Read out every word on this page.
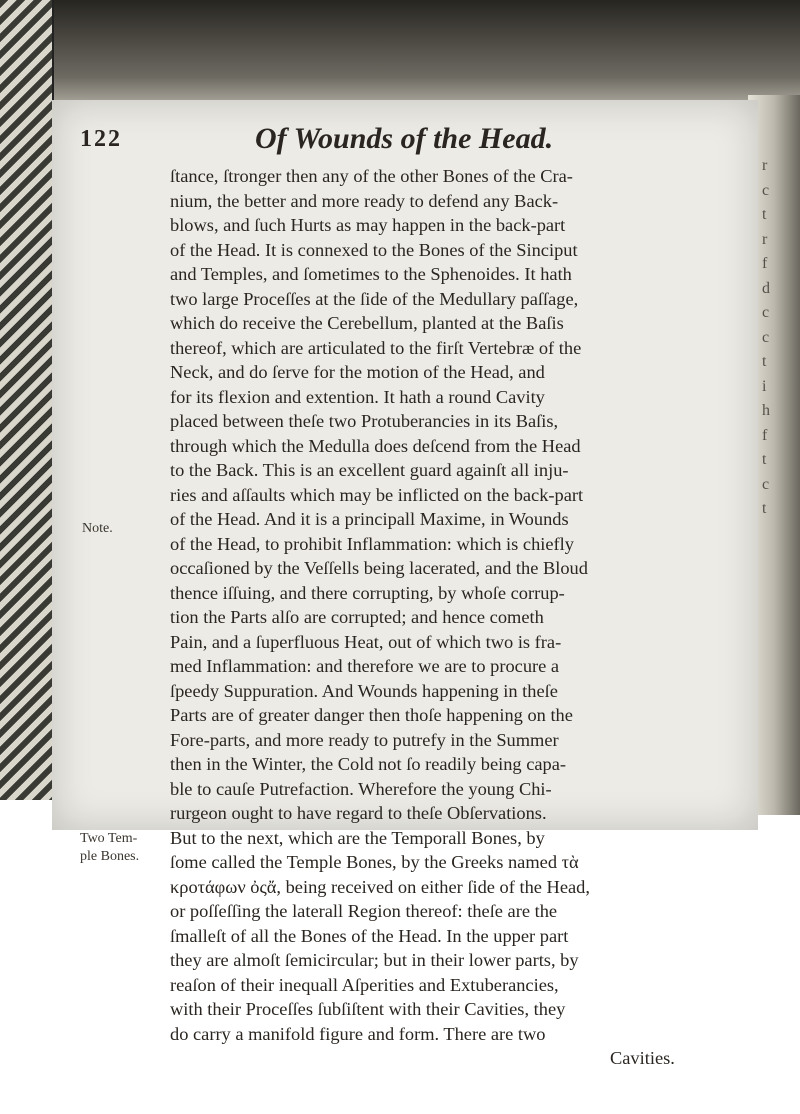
r
c
t
r
f
d
c
c
t
i
h
f
t
c
t
122	Of Wounds of the Head.
Note.
Two Tem-
ple Bones.
ſtance, ſtronger then any of the other Bones of the Cra-
nium, the better and more ready to defend any Back-
blows, and ſuch Hurts as may happen in the back-part
of the Head. It is connexed to the Bones of the Sinciput
and Temples, and ſometimes to the Sphenoides. It hath
two large Proceſſes at the ſide of the Medullary paſſage,
which do receive the Cerebellum, planted at the Baſis
thereof, which are articulated to the firſt Vertebræ of the
Neck, and do ſerve for the motion of the Head, and
for its flexion and extention. It hath a round Cavity
placed between theſe two Protuberancies in its Baſis,
through which the Medulla does deſcend from the Head
to the Back. This is an excellent guard againſt all inju-
ries and aſſaults which may be inflicted on the back-part
of the Head. And it is a principall Maxime, in Wounds
of the Head, to prohibit Inflammation: which is chiefly
occaſioned by the Veſſells being lacerated, and the Bloud
thence iſſuing, and there corrupting, by whoſe corrup-
tion the Parts alſo are corrupted; and hence cometh
Pain, and a ſuperfluous Heat, out of which two is fra-
med Inflammation: and therefore we are to procure a
ſpeedy Suppuration. And Wounds happening in theſe
Parts are of greater danger then thoſe happening on the
Fore-parts, and more ready to putrefy in the Summer
then in the Winter, the Cold not ſo readily being capa-
ble to cauſe Putrefaction. Wherefore the young Chi-
rurgeon ought to have regard to theſe Obſervations.
But to the next, which are the Temporall Bones, by
ſome called the Temple Bones, by the Greeks named τὰ
κροτάφων ὀςἄ, being received on either ſide of the Head,
or poſſeſſing the laterall Region thereof: theſe are the
ſmalleſt of all the Bones of the Head. In the upper part
they are almoſt ſemicircular; but in their lower parts, by
reaſon of their inequall Aſperities and Extuberancies,
with their Proceſſes ſubſiſtent with their Cavities, they
do carry a manifold figure and form. There are two
Cavities.
